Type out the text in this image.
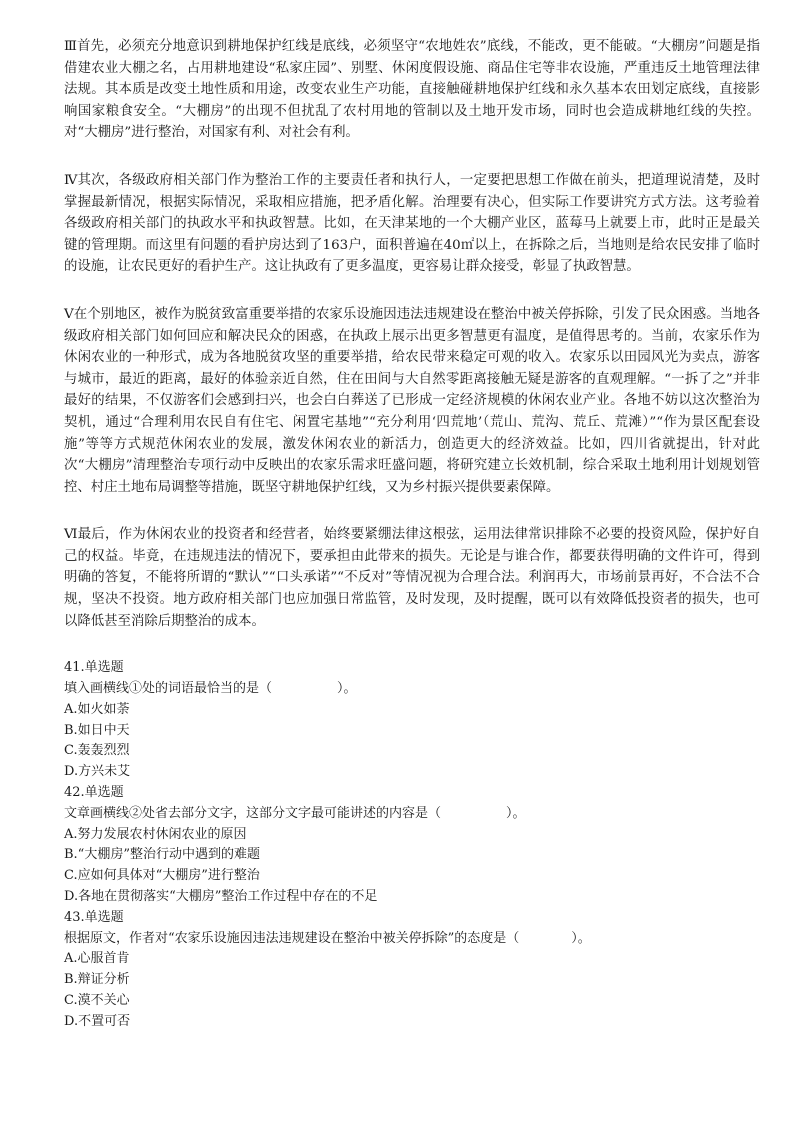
Ⅲ首先，必须充分地意识到耕地保护红线是底线，必须坚守“农地姓农”底线，不能改，更不能破。“大棚房”问题是指借建农业大棚之名，占用耕地建设“私家庄园”、别墅、休闲度假设施、商品住宅等非农设施，严重违反土地管理法律法规。其本质是改变土地性质和用途，改变农业生产功能，直接触碰耕地保护红线和永久基本农田划定底线，直接影响国家粮食安全。“大棚房”的出现不但扰乱了农村用地的管制以及土地开发市场，同时也会造成耕地红线的失控。对“大棚房”进行整治，对国家有利、对社会有利。

Ⅳ其次，各级政府相关部门作为整治工作的主要责任者和执行人，一定要把思想工作做在前头，把道理说清楚，及时掌握最新情况，根据实际情况，采取相应措施，把矛盾化解。治理要有决心，但实际工作要讲究方式方法。这考验着各级政府相关部门的执政水平和执政智慧。比如，在天津某地的一个大棚产业区，蓝莓马上就要上市，此时正是最关键的管理期。而这里有问题的看护房达到了163户，面积普遍在40㎡以上，在拆除之后，当地则是给农民安排了临时的设施，让农民更好的看护生产。这让执政有了更多温度，更容易让群众接受，彰显了执政智慧。

Ⅴ在个别地区，被作为脱贫致富重要举措的农家乐设施因违法违规建设在整治中被关停拆除，引发了民众困惑。当地各级政府相关部门如何回应和解决民众的困惑，在执政上展示出更多智慧更有温度，是值得思考的。当前，农家乐作为休闲农业的一种形式，成为各地脱贫攻坚的重要举措，给农民带来稳定可观的收入。农家乐以田园风光为卖点，游客与城市，最近的距离，最好的体验亲近自然，住在田间与大自然零距离接触无疑是游客的直观理解。“一拆了之”并非最好的结果，不仅游客们会感到扫兴，也会白白葬送了已形成一定经济规模的休闲农业产业。各地不妨以这次整治为契机，通过“合理利用农民自有住宅、闲置宅基地”“充分利用‘四荒地’（荒山、荒沟、荒丘、荒滩）”“作为景区配套设施”等等方式规范休闲农业的发展，激发休闲农业的新活力，创造更大的经济效益。比如，四川省就提出，针对此次“大棚房”清理整治专项行动中反映出的农家乐需求旺盛问题，将研究建立长效机制，综合采取土地利用计划规划管控、村庄土地布局调整等措施，既坚守耕地保护红线，又为乡村振兴提供要素保障。

Ⅵ最后，作为休闲农业的投资者和经营者，始终要紧绷法律这根弦，运用法律常识排除不必要的投资风险，保护好自己的权益。毕竟，在违规违法的情况下，要承担由此带来的损失。无论是与谁合作，都要获得明确的文件许可，得到明确的答复，不能将所谓的“默认”“口头承诺”“不反对”等情况视为合理合法。利润再大，市场前景再好，不合法不合规，坚决不投资。地方政府相关部门也应加强日常监管，及时发现，及时提醒，既可以有效降低投资者的损失，也可以降低甚至消除后期整治的成本。

41.单选题

填入画横线①处的词语最恰当的是（　　　　　）。

A.如火如荼

B.如日中天

C.轰轰烈烈

D.方兴未艾

42.单选题

文章画横线②处省去部分文字，这部分文字最可能讲述的内容是（　　　　　）。

A.努力发展农村休闲农业的原因

B.“大棚房”整治行动中遇到的难题

C.应如何具体对“大棚房”进行整治

D.各地在贯彻落实“大棚房”整治工作过程中存在的不足

43.单选题

根据原文，作者对“农家乐设施因违法违规建设在整治中被关停拆除”的态度是（　　　　）。

A.心服首肯

B.辩证分析

C.漠不关心

D.不置可否
